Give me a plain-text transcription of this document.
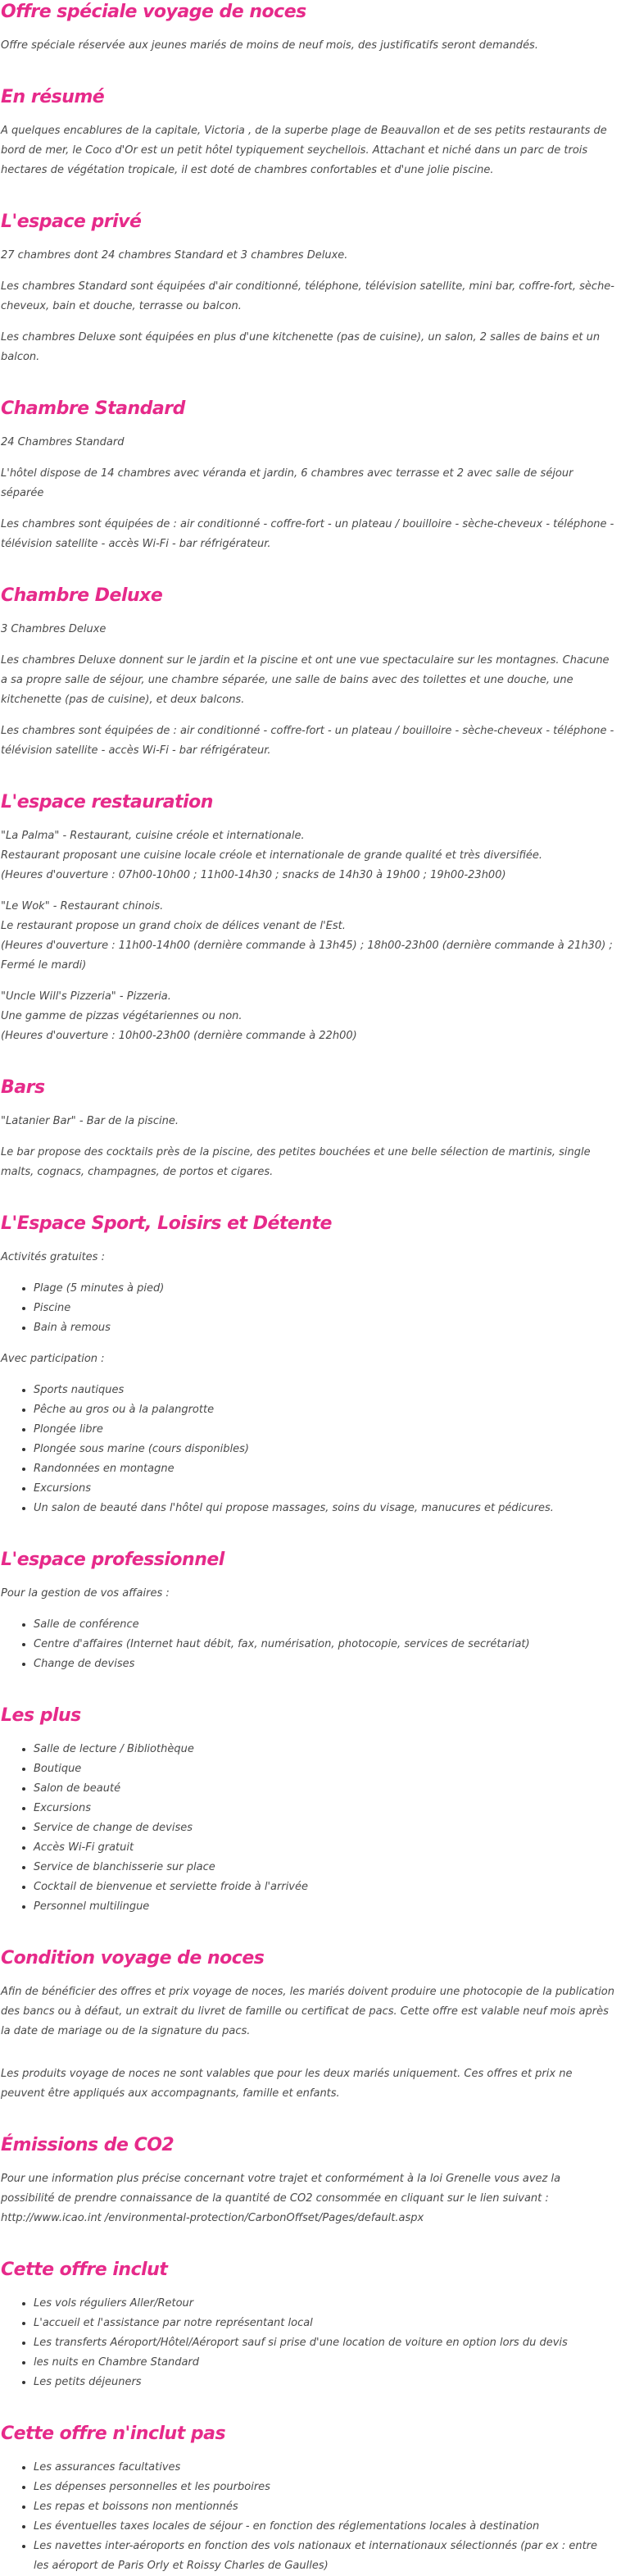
Offre spéciale voyage de noces

Offre spéciale réservée aux jeunes mariés de moins de neuf mois, des justificatifs seront demandés.

En résumé

A quelques encablures de la capitale, Victoria , de la superbe plage de Beauvallon et de ses petits restaurants de bord de mer, le Coco d'Or est un petit hôtel typiquement seychellois. Attachant et niché dans un parc de trois hectares de végétation tropicale, il est doté de chambres confortables et d'une jolie piscine.

L'espace privé

27 chambres dont 24 chambres Standard et 3 chambres Deluxe.

Les chambres Standard sont équipées d'air conditionné, téléphone, télévision satellite, mini bar, coffre-fort, sèche-cheveux, bain et douche, terrasse ou balcon.

Les chambres Deluxe sont équipées en plus d'une kitchenette (pas de cuisine), un salon, 2 salles de bains et un balcon.

Chambre Standard

24 Chambres Standard

L'hôtel dispose de 14 chambres avec véranda et jardin, 6 chambres avec terrasse et 2 avec salle de séjour séparée

Les chambres sont équipées de : air conditionné - coffre-fort - un plateau / bouilloire - sèche-cheveux - téléphone - télévision satellite - accès Wi-Fi - bar réfrigérateur.

Chambre Deluxe

3 Chambres Deluxe

Les chambres Deluxe donnent sur le jardin et la piscine et ont une vue spectaculaire sur les montagnes. Chacune a sa propre salle de séjour, une chambre séparée, une salle de bains avec des toilettes et une douche, une kitchenette (pas de cuisine), et deux balcons.

Les chambres sont équipées de : air conditionné - coffre-fort - un plateau / bouilloire - sèche-cheveux - téléphone - télévision satellite - accès Wi-Fi - bar réfrigérateur.

L'espace restauration

"La Palma" - Restaurant, cuisine créole et internationale.

Restaurant proposant une cuisine locale créole et internationale de grande qualité et très diversifiée.

(Heures d'ouverture : 07h00-10h00 ; 11h00-14h30 ; snacks de 14h30 à 19h00 ; 19h00-23h00)

"Le Wok" - Restaurant chinois.

Le restaurant propose un grand choix de délices venant de l'Est.

(Heures d'ouverture : 11h00-14h00 (dernière commande à 13h45) ; 18h00-23h00 (dernière commande à 21h30) ; Fermé le mardi)

"Uncle Will's Pizzeria" - Pizzeria.

Une gamme de pizzas végétariennes ou non.

(Heures d'ouverture : 10h00-23h00 (dernière commande à 22h00)

Bars

"Latanier Bar" - Bar de la piscine.

Le bar propose des cocktails près de la piscine, des petites bouchées et une belle sélection de martinis, single malts, cognacs, champagnes, de portos et cigares.

L'Espace Sport, Loisirs et Détente

Activités gratuites :

• Plage (5 minutes à pied)
• Piscine
• Bain à remous

Avec participation :

• Sports nautiques
• Pêche au gros ou à la palangrotte
• Plongée libre
• Plongée sous marine (cours disponibles)
• Randonnées en montagne
• Excursions
• Un salon de beauté dans l'hôtel qui propose massages, soins du visage, manucures et pédicures.
L'espace professionnel

Pour la gestion de vos affaires :

• Salle de conférence
• Centre d'affaires (Internet haut débit, fax, numérisation, photocopie, services de secrétariat)
• Change de devises
Les plus
• Salle de lecture / Bibliothèque
• Boutique
• Salon de beauté
• Excursions
• Service de change de devises
• Accès Wi-Fi gratuit
• Service de blanchisserie sur place
• Cocktail de bienvenue et serviette froide à l'arrivée
• Personnel multilingue
Condition voyage de noces

Afin de bénéficier des offres et prix voyage de noces, les mariés doivent produire une photocopie de la publication des bancs ou à défaut, un extrait du livret de famille ou certificat de pacs. Cette offre est valable neuf mois après la date de mariage ou de la signature du pacs.

Les produits voyage de noces ne sont valables que pour les deux mariés uniquement. Ces offres et prix ne peuvent être appliqués aux accompagnants, famille et enfants.

Émissions de CO2

Pour une information plus précise concernant votre trajet et conformément à la loi Grenelle vous avez la possibilité de prendre connaissance de la quantité de CO2 consommée en cliquant sur le lien suivant : http://www.icao.int /environmental-protection/CarbonOffset/Pages/default.aspx

Cette offre inclut
• Les vols réguliers Aller/Retour
• L'accueil et l'assistance par notre représentant local
• Les transferts Aéroport/Hôtel/Aéroport sauf si prise d'une location de voiture en option lors du devis
• les nuits en Chambre Standard
• Les petits déjeuners
Cette offre n'inclut pas
• Les assurances facultatives
• Les dépenses personnelles et les pourboires
• Les repas et boissons non mentionnés
• Les éventuelles taxes locales de séjour - en fonction des réglementations locales à destination
• Les navettes inter-aéroports en fonction des vols nationaux et internationaux sélectionnés (par ex : entre les aéroport de Paris Orly et Roissy Charles de Gaulles)
